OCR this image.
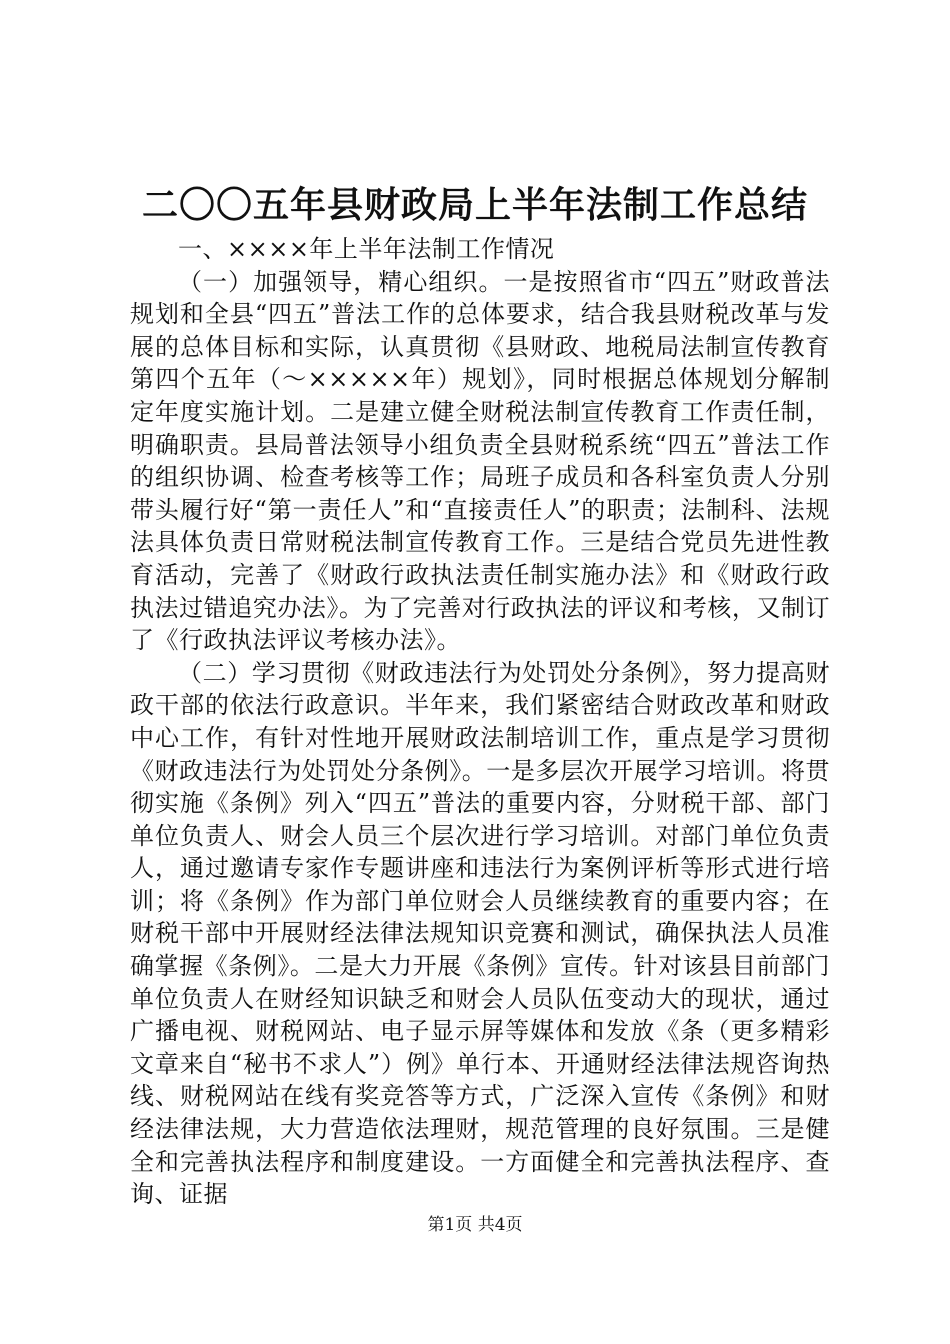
二〇〇五年县财政局上半年法制工作总结

一、××××年上半年法制工作情况

（一）加强领导，精心组织。一是按照省市“四五”财政普法规划和全县“四五”普法工作的总体要求，结合我县财税改革与发展的总体目标和实际，认真贯彻《县财政、地税局法制宣传教育第四个五年（～×××××年）规划》，同时根据总体规划分解制定年度实施计划。二是建立健全财税法制宣传教育工作责任制，明确职责。县局普法领导小组负责全县财税系统“四五”普法工作的组织协调、检查考核等工作；局班子成员和各科室负责人分别带头履行好“第一责任人”和“直接责任人”的职责；法制科、法规法具体负责日常财税法制宣传教育工作。三是结合党员先进性教育活动，完善了《财政行政执法责任制实施办法》和《财政行政执法过错追究办法》。为了完善对行政执法的评议和考核，又制订了《行政执法评议考核办法》。

（二）学习贯彻《财政违法行为处罚处分条例》，努力提高财政干部的依法行政意识。半年来，我们紧密结合财政改革和财政中心工作，有针对性地开展财政法制培训工作，重点是学习贯彻《财政违法行为处罚处分条例》。一是多层次开展学习培训。将贯彻实施《条例》列入“四五”普法的重要内容，分财税干部、部门单位负责人、财会人员三个层次进行学习培训。对部门单位负责人，通过邀请专家作专题讲座和违法行为案例评析等形式进行培训；将《条例》作为部门单位财会人员继续教育的重要内容；在财税干部中开展财经法律法规知识竞赛和测试，确保执法人员准确掌握《条例》。二是大力开展《条例》宣传。针对该县目前部门单位负责人在财经知识缺乏和财会人员队伍变动大的现状，通过广播电视、财税网站、电子显示屏等媒体和发放《条（更多精彩文章来自“秘书不求人”）例》单行本、开通财经法律法规咨询热线、财税网站在线有奖竞答等方式，广泛深入宣传《条例》和财经法律法规，大力营造依法理财，规范管理的良好氛围。三是健全和完善执法程序和制度建设。一方面健全和完善执法程序、查询、证据

第1页 共4页
